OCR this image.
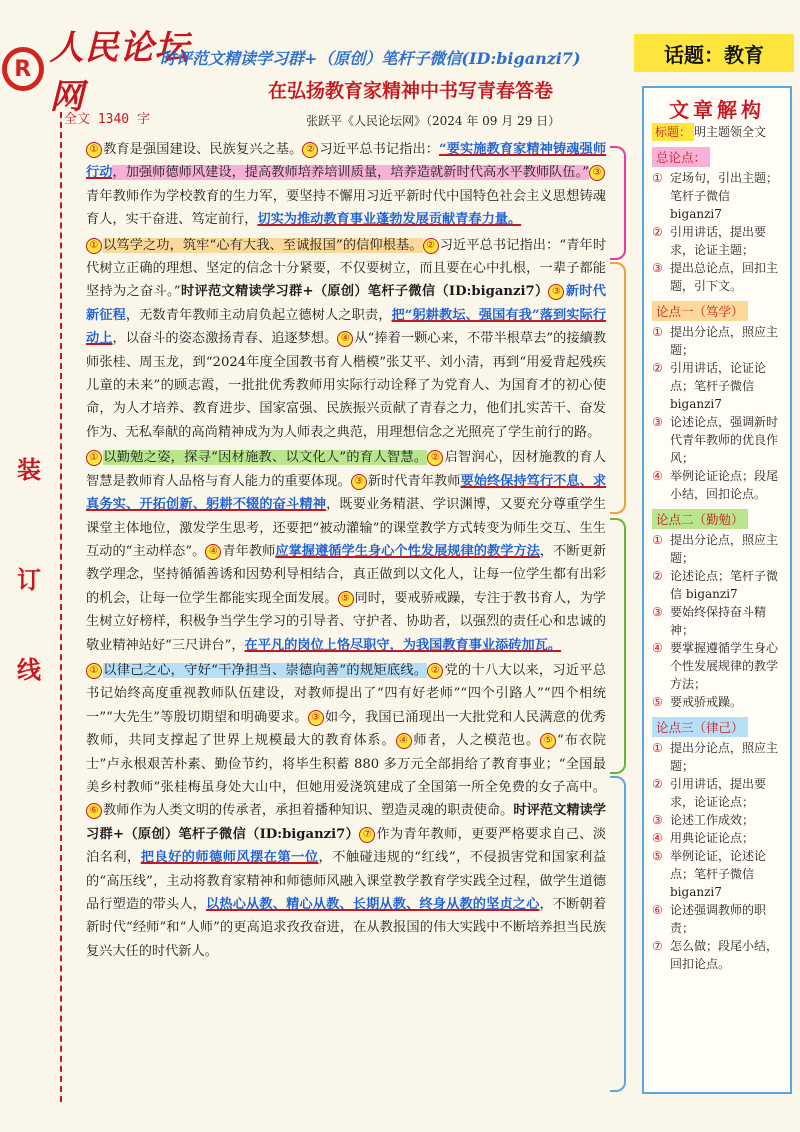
R
人民论坛网
时评范文精读学习群+（原创）笔杆子微信(ID:biganzi7)	话题：教育
在弘扬教育家精神中书写青春答卷
全文 1340 字	张跃平《人民论坛网》（2024 年 09 月 29 日）
装
订
线

① 教育是强国建设、民族复兴之基。 ② 习近平总书记指出：“要实施教育家精神铸魂强师行动，加强师德师风建设，提高教师培养培训质量，培养造就新时代高水平教师队伍。” ③青年教师作为学校教育的生力军，要坚持不懈用习近平新时代中国特色社会主义思想铸魂育人，实干奋进、笃定前行，切实为推动教育事业蓬勃发展贡献青春力量。

① 以笃学之功，筑牢“心有大我、至诚报国”的信仰根基。 ② 习近平总书记指出：“青年时代树立正确的理想、坚定的信念十分紧要，不仅要树立，而且要在心中扎根，一辈子都能坚持为之奋斗。”时评范文精读学习群+（原创）笔杆子微信（ID:biganzi7） ③ 新时代新征程，无数青年教师主动肩负起立德树人之职责，把“躬耕教坛、强国有我”落到实际行动上，以奋斗的姿态激扬青春、追逐梦想。 ④ 从“捧着一颗心来，不带半根草去”的接續教师张桂、周玉龙，到“2024年度全国教书育人楷模”张艾平、刘小清，再到“用爱背起残疾儿童的未来”的顾志霞，一批批优秀教师用实际行动诠释了为党育人、为国育才的初心使命，为人才培养、教育进步、国家富强、民族振兴贡献了青春之力，他们扎实苦干、奋发作为、无私奉献的高尚精神成为为人师表之典范，用理想信念之光照亮了学生前行的路。

① 以勤勉之姿，探寻“因材施教、以文化人”的育人智慧。 ② 启智润心，因材施教的育人智慧是教师育人品格与育人能力的重要体现。 ③ 新时代青年教师要始终保持笃行不息、求真务实、开拓创新、躬耕不辍的奋斗精神，既要业务精湛、学识渊博，又要充分尊重学生课堂主体地位，激发学生思考，还要把“被动灌输”的课堂教学方式转变为师生交互、生生互动的“主动样态”。 ④ 青年教师应掌握遵循学生身心个性发展规律的教学方法，不断更新教学理念，坚持循循善诱和因势利导相结合，真正做到以文化人，让每一位学生都有出彩的机会，让每一位学生都能实现全面发展。 ⑤ 同时，要戒骄戒躁，专注于教书育人，为学生树立好榜样，积极争当学生学习的引导者、守护者、协助者，以强烈的责任心和忠诚的敬业精神站好“三尺讲台”，在平凡的岗位上恪尽职守，为我国教育事业添砖加瓦。

① 以律己之心，守好“干净担当、崇德向善”的规矩底线。 ② 党的十八大以来，习近平总书记始终高度重视教师队伍建设，对教师提出了“四有好老师”“四个引路人”“四个相统一”“大先生”等殷切期望和明确要求。 ③ 如今，我国已涌现出一大批党和人民满意的优秀教师，共同支撑起了世界上规模最大的教育体系。 ④ 师者，人之模范也。 ⑤ “布衣院士”卢永根艰苦朴素、勤俭节约，将毕生积蓄 880 多万元全部捐给了教育事业；“全国最美乡村教师”张桂梅虽身处大山中，但她用爱浇筑建成了全国第一所全免费的女子高中。⑥ 教师作为人类文明的传承者，承担着播种知识、塑造灵魂的职责使命。时评范文精读学习群+（原创）笔杆子微信（ID:biganzi7） ⑦ 作为青年教师，更要严格要求自己、淡泊名利，把良好的师德师风摆在第一位，不触碰违规的“红线”，不侵损害党和国家利益的“高压线”，主动将教育家精神和师德师风融入课堂教学教育学实践全过程，做学生道德品行塑造的带头人，以热心从教、精心从教、长期从教、终身从教的坚贞之心，不断朝着新时代“经师”和“人师”的更高追求孜孜奋进，在从教报国的伟大实践中不断培养担当民族复兴大任的时代新人。

文章解构
标题： 明主题领全文
总论点：
① 定场句，引出主题；笔杆子微信 biganzi7
② 引用讲话，提出要求，论证主题；
③ 提出总论点，回扣主题，引下文。
论点一（笃学）
① 提出分论点，照应主题；
② 引用讲话，论证论点；笔杆子微信 biganzi7
③ 论述论点，强调新时代青年教师的优良作风；
④ 举例论证论点；段尾小结，回扣论点。
论点二（勤勉）
① 提出分论点，照应主题；
② 论述论点；笔杆子微信 biganzi7
③ 要始终保持奋斗精神；
④ 要掌握遵循学生身心个性发展规律的教学方法；
⑤ 要戒骄戒躁。
论点三（律己）
① 提出分论点，照应主题；
② 引用讲话，提出要求，论证论点；
③ 论述工作成效；
④ 用典论证论点；
⑤ 举例论证，论述论点；笔杆子微信 biganzi7
⑥ 论述强调教师的职责；
⑦ 怎么做；段尾小结，回扣论点。
